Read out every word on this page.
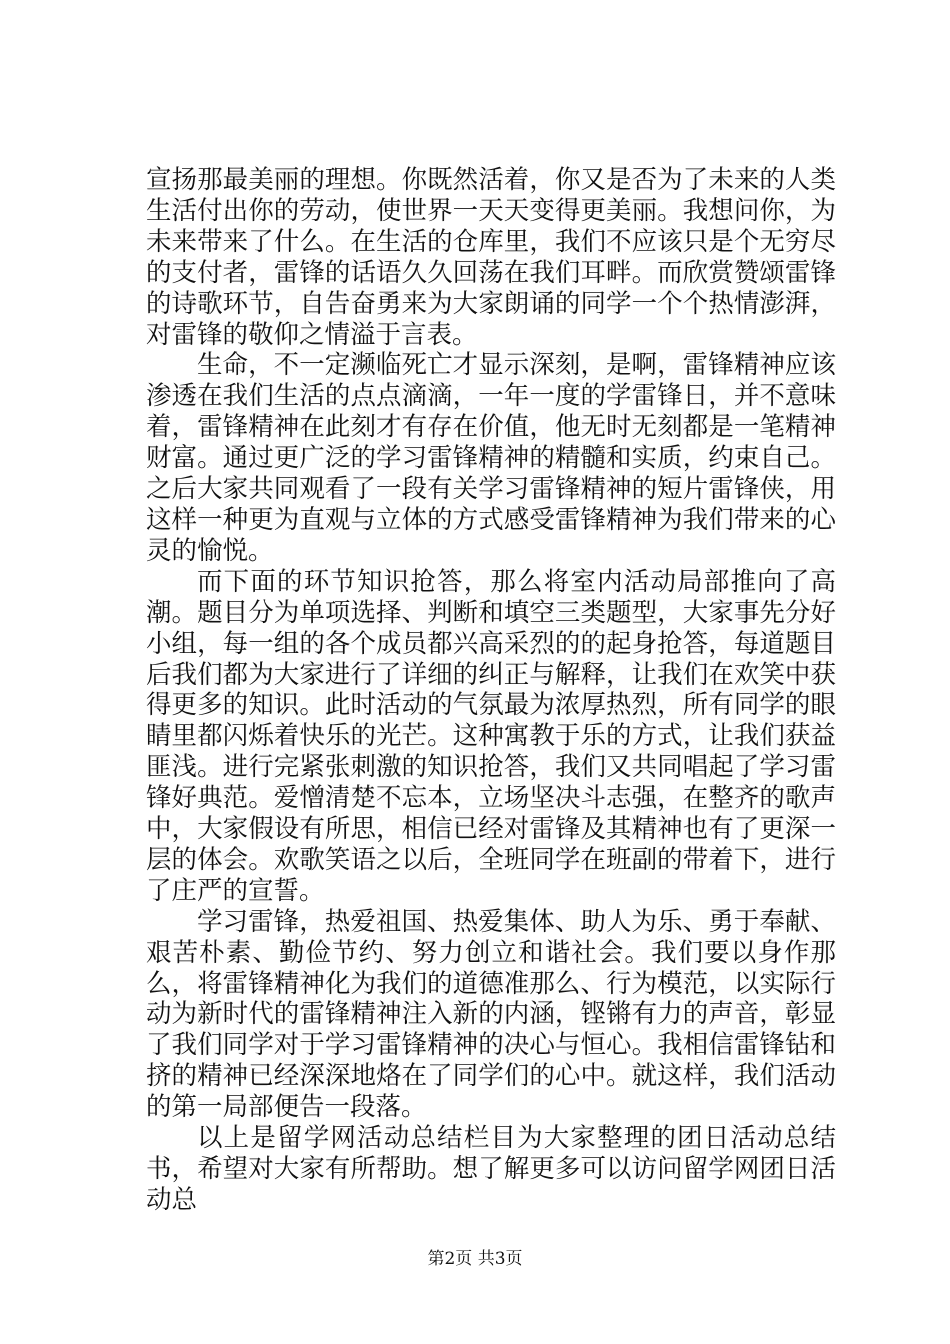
宣扬那最美丽的理想。你既然活着，你又是否为了未来的人类生活付出你的劳动，使世界一天天变得更美丽。我想问你，为未来带来了什么。在生活的仓库里，我们不应该只是个无穷尽的支付者，雷锋的话语久久回荡在我们耳畔。而欣赏赞颂雷锋的诗歌环节，自告奋勇来为大家朗诵的同学一个个热情澎湃，对雷锋的敬仰之情溢于言表。

生命，不一定濒临死亡才显示深刻，是啊，雷锋精神应该渗透在我们生活的点点滴滴，一年一度的学雷锋日，并不意味着，雷锋精神在此刻才有存在价值，他无时无刻都是一笔精神财富。通过更广泛的学习雷锋精神的精髓和实质，约束自己。之后大家共同观看了一段有关学习雷锋精神的短片雷锋侠，用这样一种更为直观与立体的方式感受雷锋精神为我们带来的心灵的愉悦。

而下面的环节知识抢答，那么将室内活动局部推向了高潮。题目分为单项选择、判断和填空三类题型，大家事先分好小组，每一组的各个成员都兴高采烈的的起身抢答，每道题目后我们都为大家进行了详细的纠正与解释，让我们在欢笑中获得更多的知识。此时活动的气氛最为浓厚热烈，所有同学的眼睛里都闪烁着快乐的光芒。这种寓教于乐的方式，让我们获益匪浅。进行完紧张刺激的知识抢答，我们又共同唱起了学习雷锋好典范。爱憎清楚不忘本，立场坚决斗志强，在整齐的歌声中，大家假设有所思，相信已经对雷锋及其精神也有了更深一层的体会。欢歌笑语之以后，全班同学在班副的带着下，进行了庄严的宣誓。

学习雷锋，热爱祖国、热爱集体、助人为乐、勇于奉献、艰苦朴素、勤俭节约、努力创立和谐社会。我们要以身作那么，将雷锋精神化为我们的道德准那么、行为模范，以实际行动为新时代的雷锋精神注入新的内涵，铿锵有力的声音，彰显了我们同学对于学习雷锋精神的决心与恒心。我相信雷锋钻和挤的精神已经深深地烙在了同学们的心中。就这样，我们活动的第一局部便告一段落。

以上是留学网活动总结栏目为大家整理的团日活动总结书，希望对大家有所帮助。想了解更多可以访问留学网团日活动总

第2页 共3页
